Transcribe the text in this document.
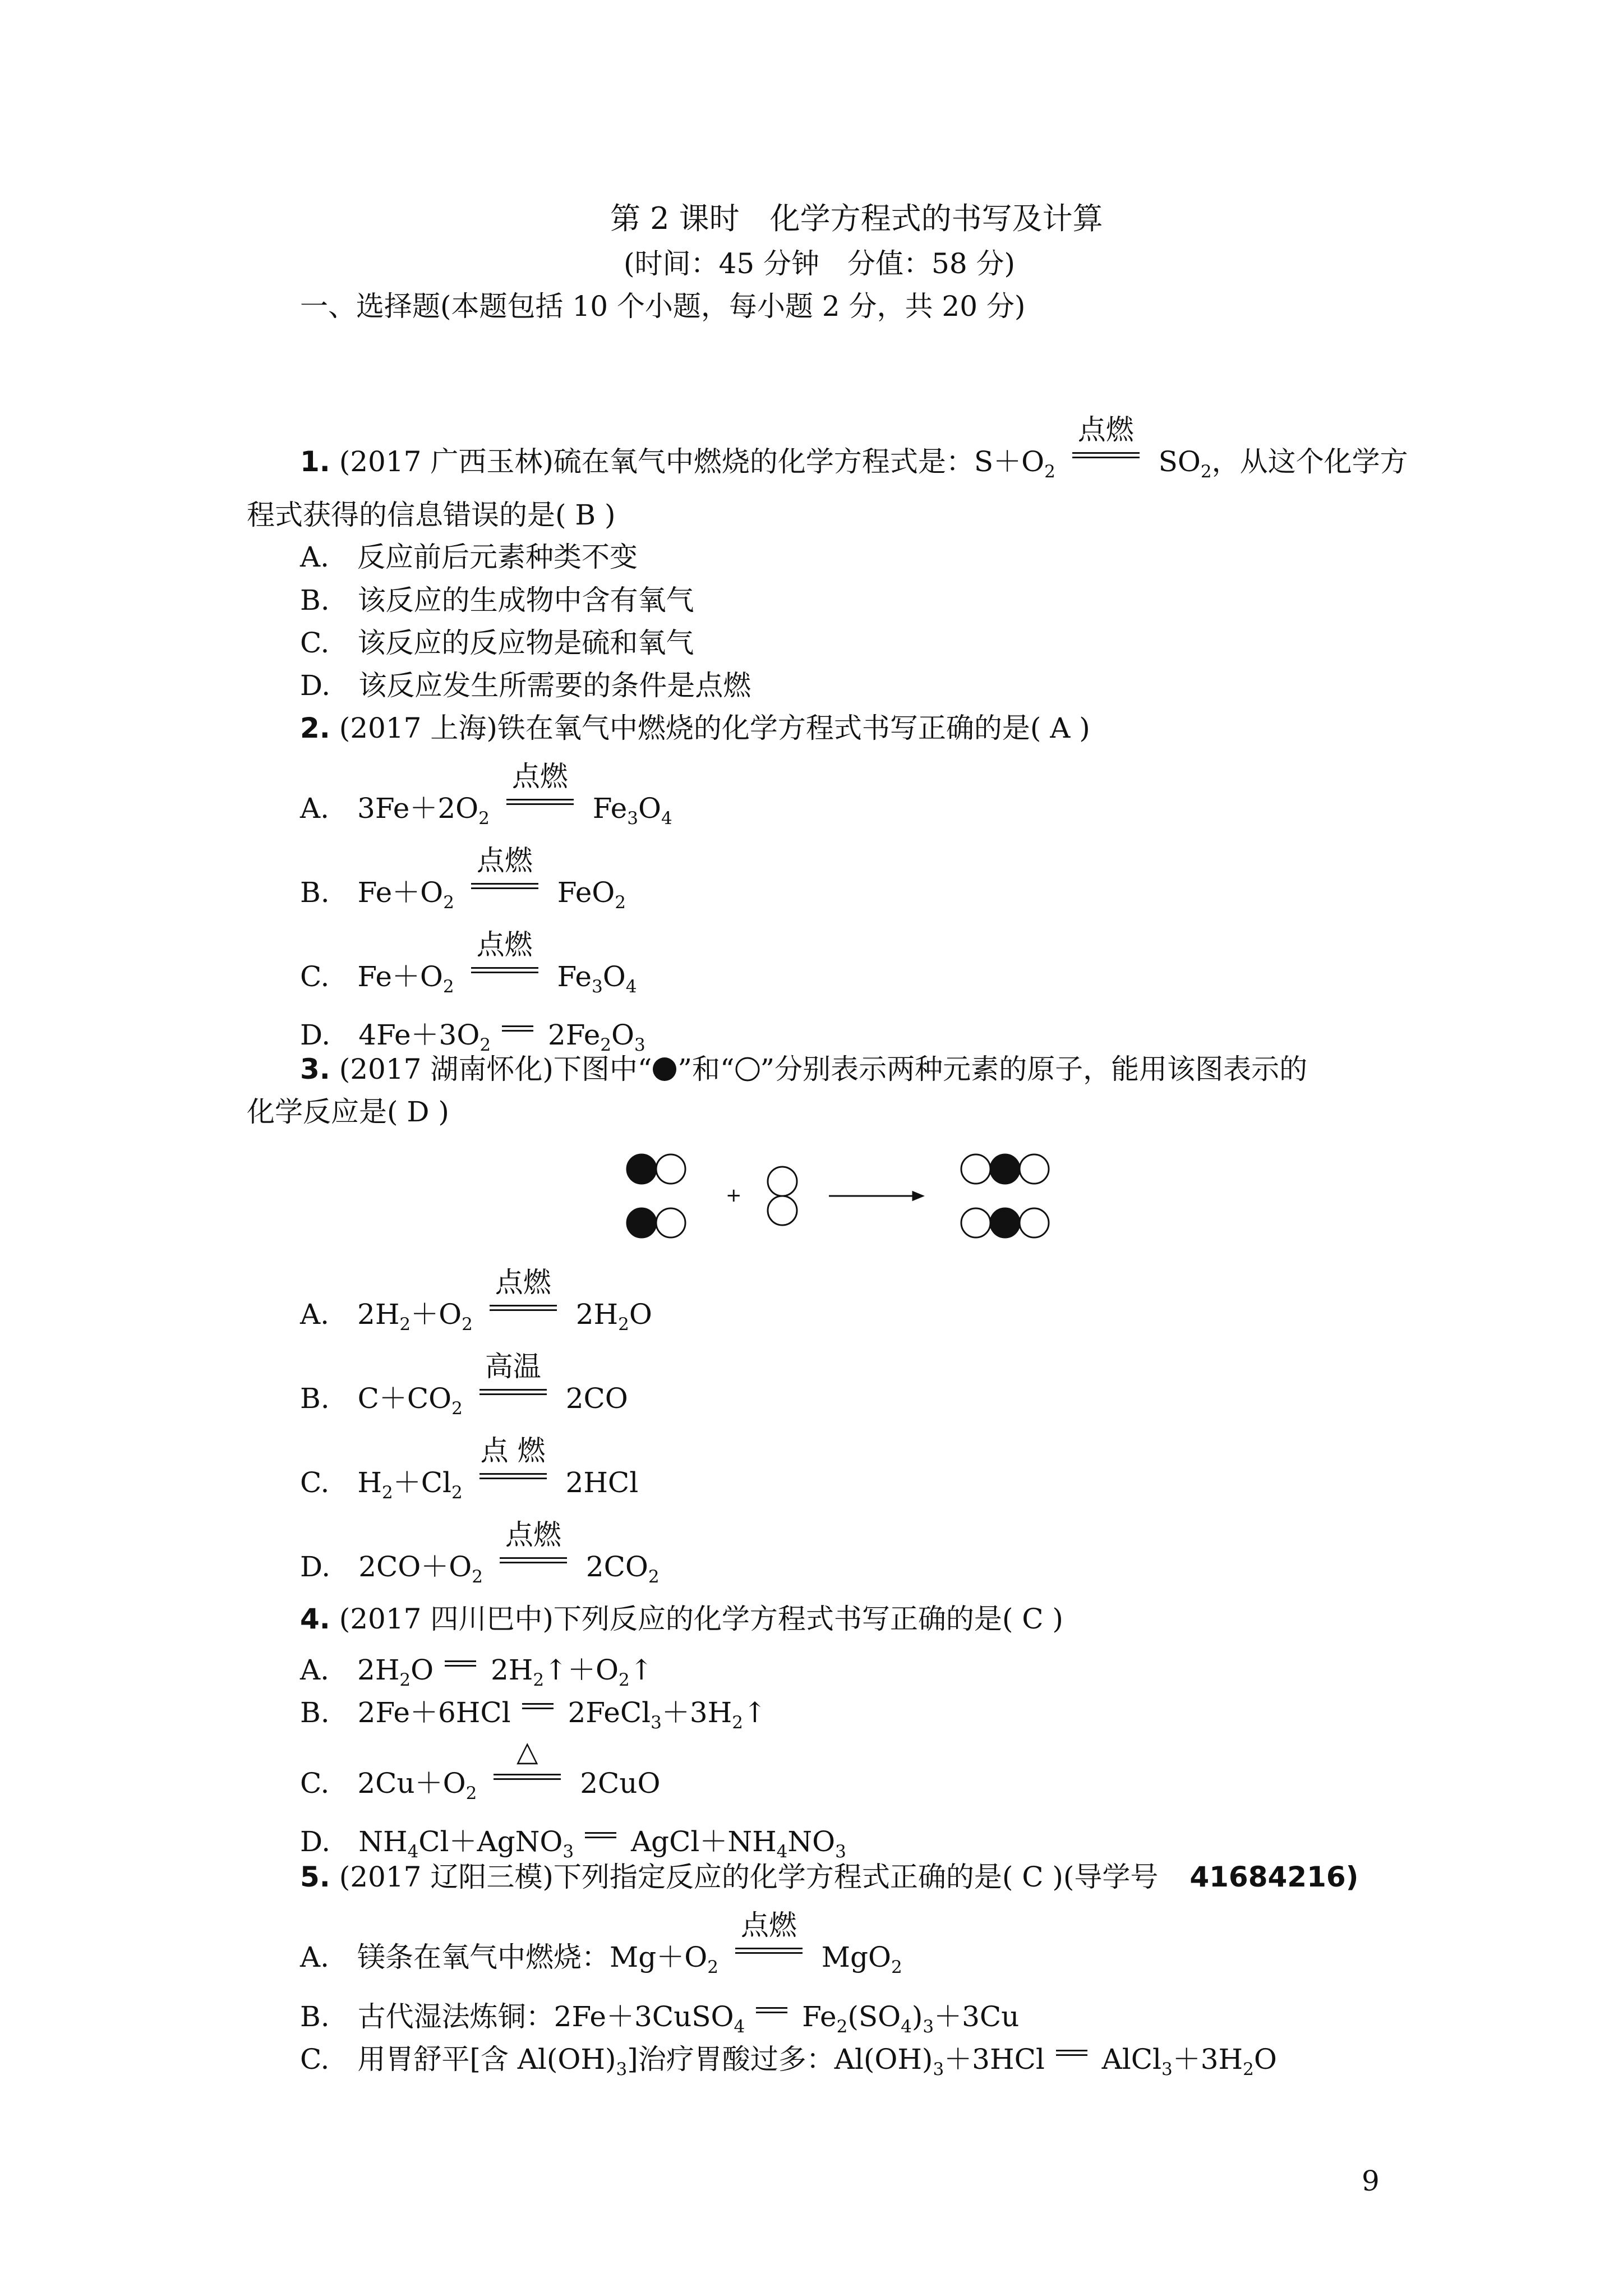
第 2 课时　化学方程式的书写及计算
(时间：45 分钟　分值：58 分)
一、选择题(本题包括 10 个小题，每小题 2 分，共 20 分)
1. (2017 广西玉林)硫在氧气中燃烧的化学方程式是：$S+O_2$
点燃
$SO_2$，从这个化学方
程式获得的信息错误的是( B )
A.　反应前后元素种类不变
B.　该反应的生成物中含有氧气
C.　该反应的反应物是硫和氧气
D.　该反应发生所需要的条件是点燃
2. (2017 上海)铁在氧气中燃烧的化学方程式书写正确的是( A )
A.　$3Fe+2O_2$
点燃
$Fe_3O_4$
B.　$Fe+O_2$
点燃
FeO$_2$
C.　$Fe+O_2$
点燃
$Fe_3O_4$
D.　$4Fe+3O_2$ $2Fe_2O_3$
3. (2017 湖南怀化)下图中“ ”和“ ”分别表示两种元素的原子，能用该图表示的
化学反应是( D )
+
A.　$2H_2+O_2$
点燃
$2H_2O$
B.　$C+CO_2$
高温
2CO
C.　$H_2+Cl_2$
点 燃
2HCl
D.　$2CO+O_2$
点燃
$2CO_2$
4. (2017 四川巴中)下列反应的化学方程式书写正确的是( C )
A.　$2H_2O$ $2H_2↑+O_2↑$
B.　2Fe＋6HCl $2FeCl_3+3H_2↑$
C.　$2Cu+O_2$
△
2CuO
D.　$NH_4Cl+AgNO_3$ $AgCl+NH_4NO_3$
5. (2017 辽阳三模)下列指定反应的化学方程式正确的是( C )(导学号 41684216)
A.　镁条在氧气中燃烧：$Mg+O_2$
点燃
MgO$_2$
B.　古代湿法炼铜：2Fe＋3CuSO$_4$ $Fe_2(SO_4)_3+3Cu$
C.　用胃舒平[含 $Al(OH)_3$]治疗胃酸过多：$Al(OH)_3+3HCl$ $AlCl_3+3H_2O$
9
